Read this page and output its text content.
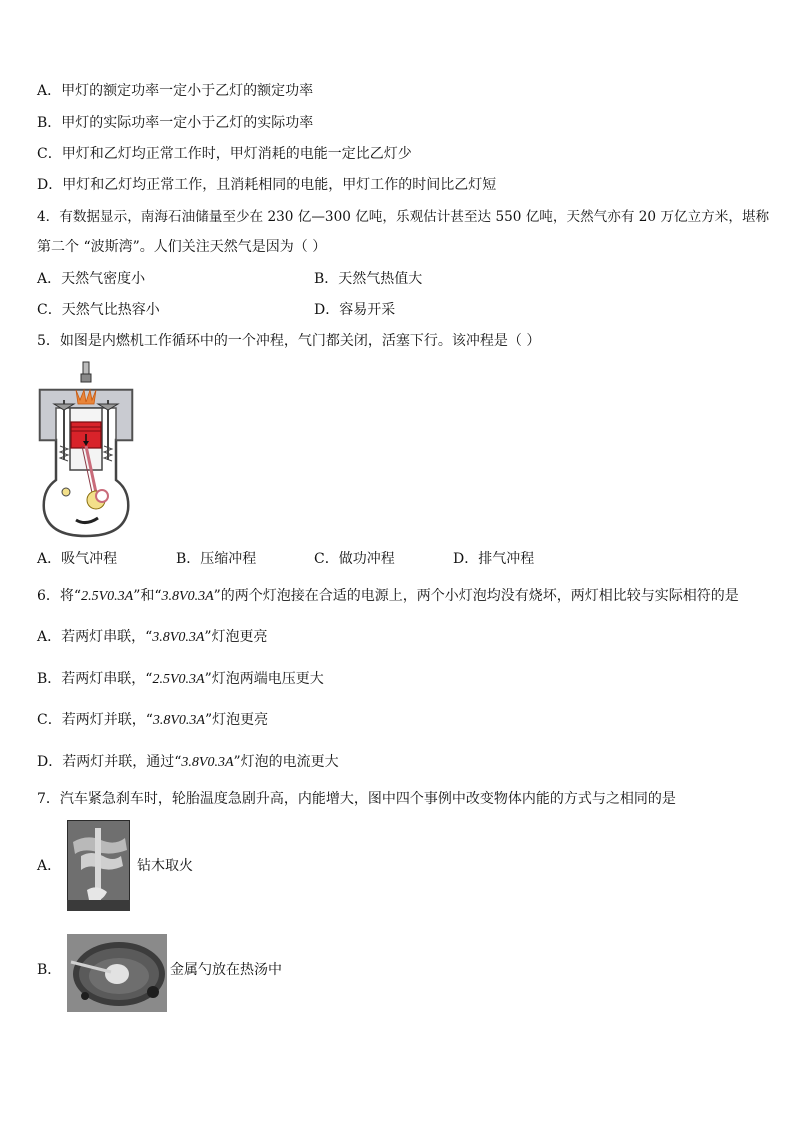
A．甲灯的额定功率一定小于乙灯的额定功率
B．甲灯的实际功率一定小于乙灯的实际功率
C．甲灯和乙灯均正常工作时，甲灯消耗的电能一定比乙灯少
D．甲灯和乙灯均正常工作，且消耗相同的电能，甲灯工作的时间比乙灯短
4．有数据显示，南海石油储量至少在 230 亿—300 亿吨，乐观估计甚至达 550 亿吨，天然气亦有 20 万亿立方米，堪称
第二个 “波斯湾”。人们关注天然气是因为（ ）
A．天然气密度小	B．天然气热值大
C．天然气比热容小	D．容易开采
5．如图是内燃机工作循环中的一个冲程，气门都关闭，活塞下行。该冲程是（ ）
A．吸气冲程	B．压缩冲程	C．做功冲程	D．排气冲程
6．将“2.5V0.3A”和“3.8V0.3A”的两个灯泡接在合适的电源上，两个小灯泡均没有烧坏，两灯相比较与实际相符的是
A．若两灯串联，“3.8V0.3A”灯泡更亮
B．若两灯串联，“2.5V0.3A”灯泡两端电压更大
C．若两灯并联，“3.8V0.3A”灯泡更亮
D．若两灯并联，通过“3.8V0.3A”灯泡的电流更大
7．汽车紧急刹车时，轮胎温度急剧升高，内能增大，图中四个事例中改变物体内能的方式与之相同的是
A．	钻木取火
B．	金属勺放在热汤中
